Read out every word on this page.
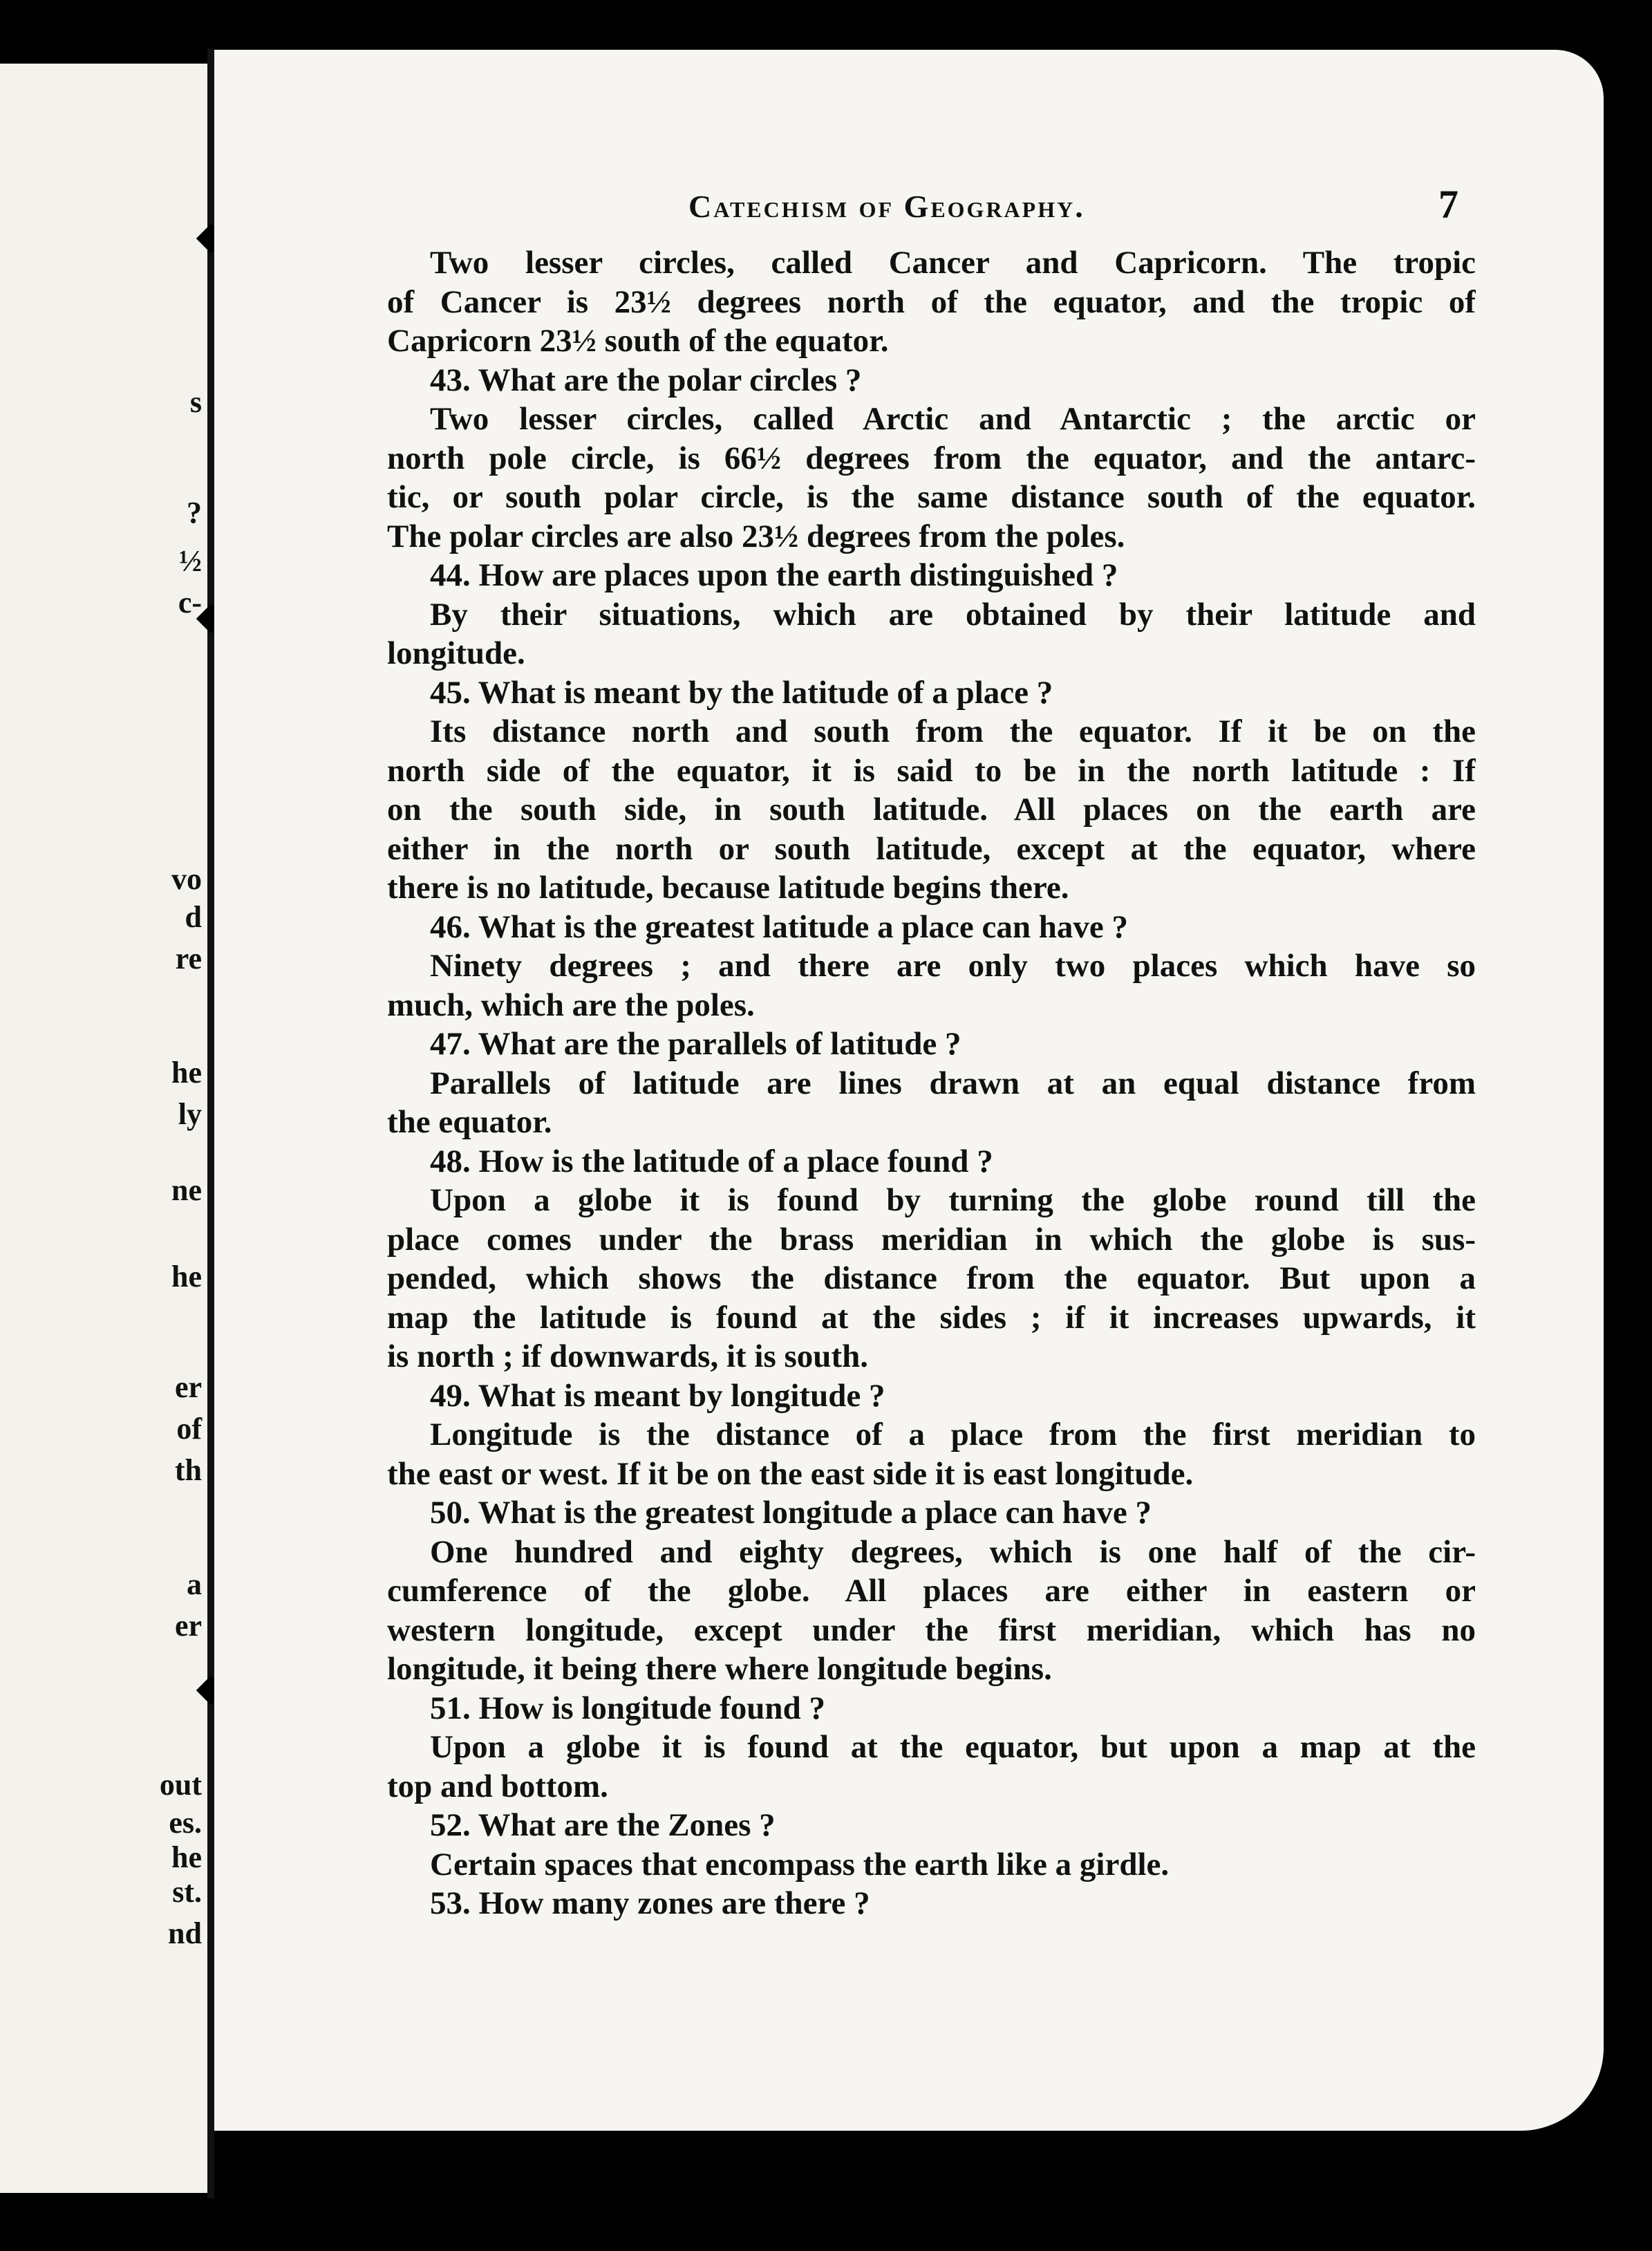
s
?
½
c-
vo
d
re
he
ly
ne
he
er
of
th
a
er
out
es.
he
st.
nd
Catechism of Geography.	7
Two lesser circles, called Cancer and Capricorn. The tropic
of Cancer is 23½ degrees north of the equator, and the tropic of
Capricorn 23½ south of the equator.
43. What are the polar circles ?
Two lesser circles, called Arctic and Antarctic ; the arctic or
north pole circle, is 66½ degrees from the equator, and the antarc-
tic, or south polar circle, is the same distance south of the equator.
The polar circles are also 23½ degrees from the poles.
44. How are places upon the earth distinguished ?
By their situations, which are obtained by their latitude and
longitude.
45. What is meant by the latitude of a place ?
Its distance north and south from the equator. If it be on the
north side of the equator, it is said to be in the north latitude : If
on the south side, in south latitude. All places on the earth are
either in the north or south latitude, except at the equator, where
there is no latitude, because latitude begins there.
46. What is the greatest latitude a place can have ?
Ninety degrees ; and there are only two places which have so
much, which are the poles.
47. What are the parallels of latitude ?
Parallels of latitude are lines drawn at an equal distance from
the equator.
48. How is the latitude of a place found ?
Upon a globe it is found by turning the globe round till the
place comes under the brass meridian in which the globe is sus-
pended, which shows the distance from the equator. But upon a
map the latitude is found at the sides ; if it increases upwards, it
is north ; if downwards, it is south.
49. What is meant by longitude ?
Longitude is the distance of a place from the first meridian to
the east or west. If it be on the east side it is east longitude.
50. What is the greatest longitude a place can have ?
One hundred and eighty degrees, which is one half of the cir-
cumference of the globe. All places are either in eastern or
western longitude, except under the first meridian, which has no
longitude, it being there where longitude begins.
51. How is longitude found ?
Upon a globe it is found at the equator, but upon a map at the
top and bottom.
52. What are the Zones ?
Certain spaces that encompass the earth like a girdle.
53. How many zones are there ?
